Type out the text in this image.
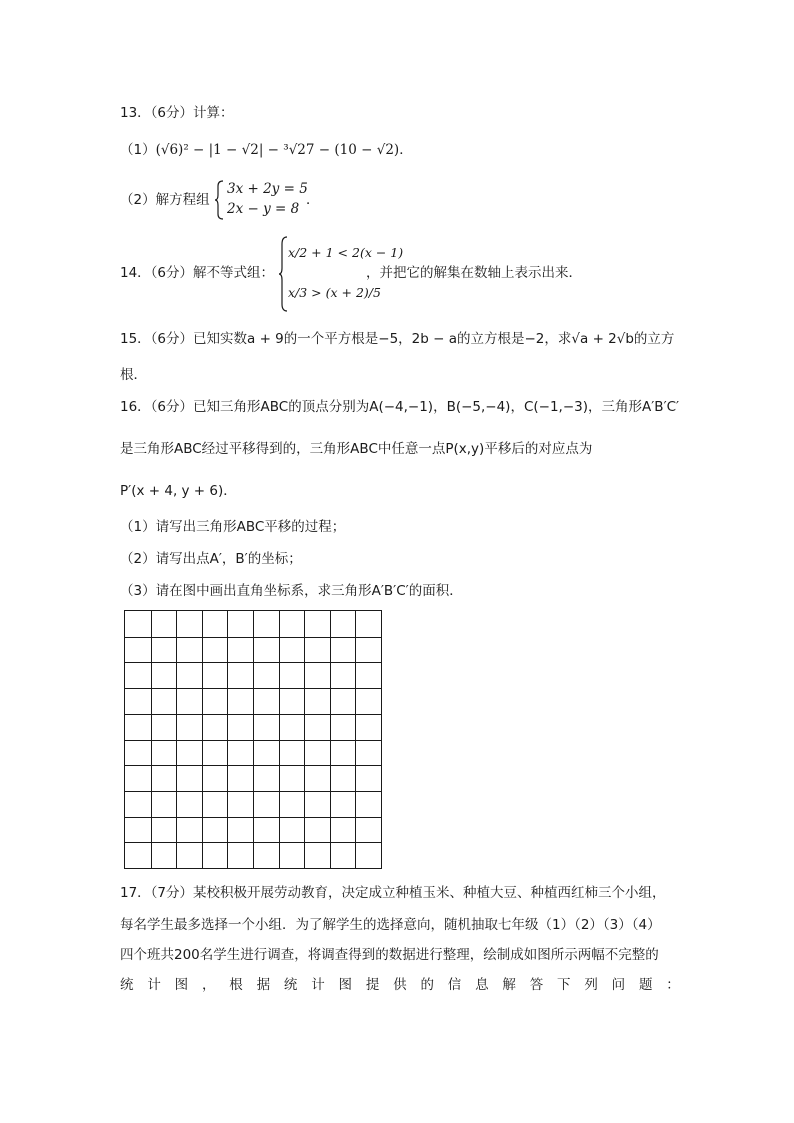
13．（6分）计算：
（1）(√6)² − |1 − √2| − ³√27 − (10 − √2)．
（2）解方程组
3x + 2y = 5
2x − y = 8
．
14．（6分）解不等式组：
x/2 + 1 < 2(x − 1)
x/3 > (x + 2)/5
，并把它的解集在数轴上表示出来．
15．（6分）已知实数a + 9的一个平方根是−5，2b − a的立方根是−2，求√a + 2√b的立方
根．
16．（6分）已知三角形ABC的顶点分别为A(−4,−1)，B(−5,−4)，C(−1,−3)，三角形A′B′C′
是三角形ABC经过平移得到的，三角形ABC中任意一点P(x,y)平移后的对应点为
P′(x + 4, y + 6)．
（1）请写出三角形ABC平移的过程；
（2）请写出点A′，B′的坐标；
（3）请在图中画出直角坐标系，求三角形A′B′C′的面积．
17．（7分）某校积极开展劳动教育，决定成立种植玉米、种植大豆、种植西红柿三个小组，
每名学生最多选择一个小组．为了解学生的选择意向，随机抽取七年级（1）（2）（3）（4）
四个班共200名学生进行调查，将调查得到的数据进行整理，绘制成如图所示两幅不完整的
统 计 图 ， 根 据 统 计 图 提 供 的 信 息 解 答 下 列 问 题 ：
